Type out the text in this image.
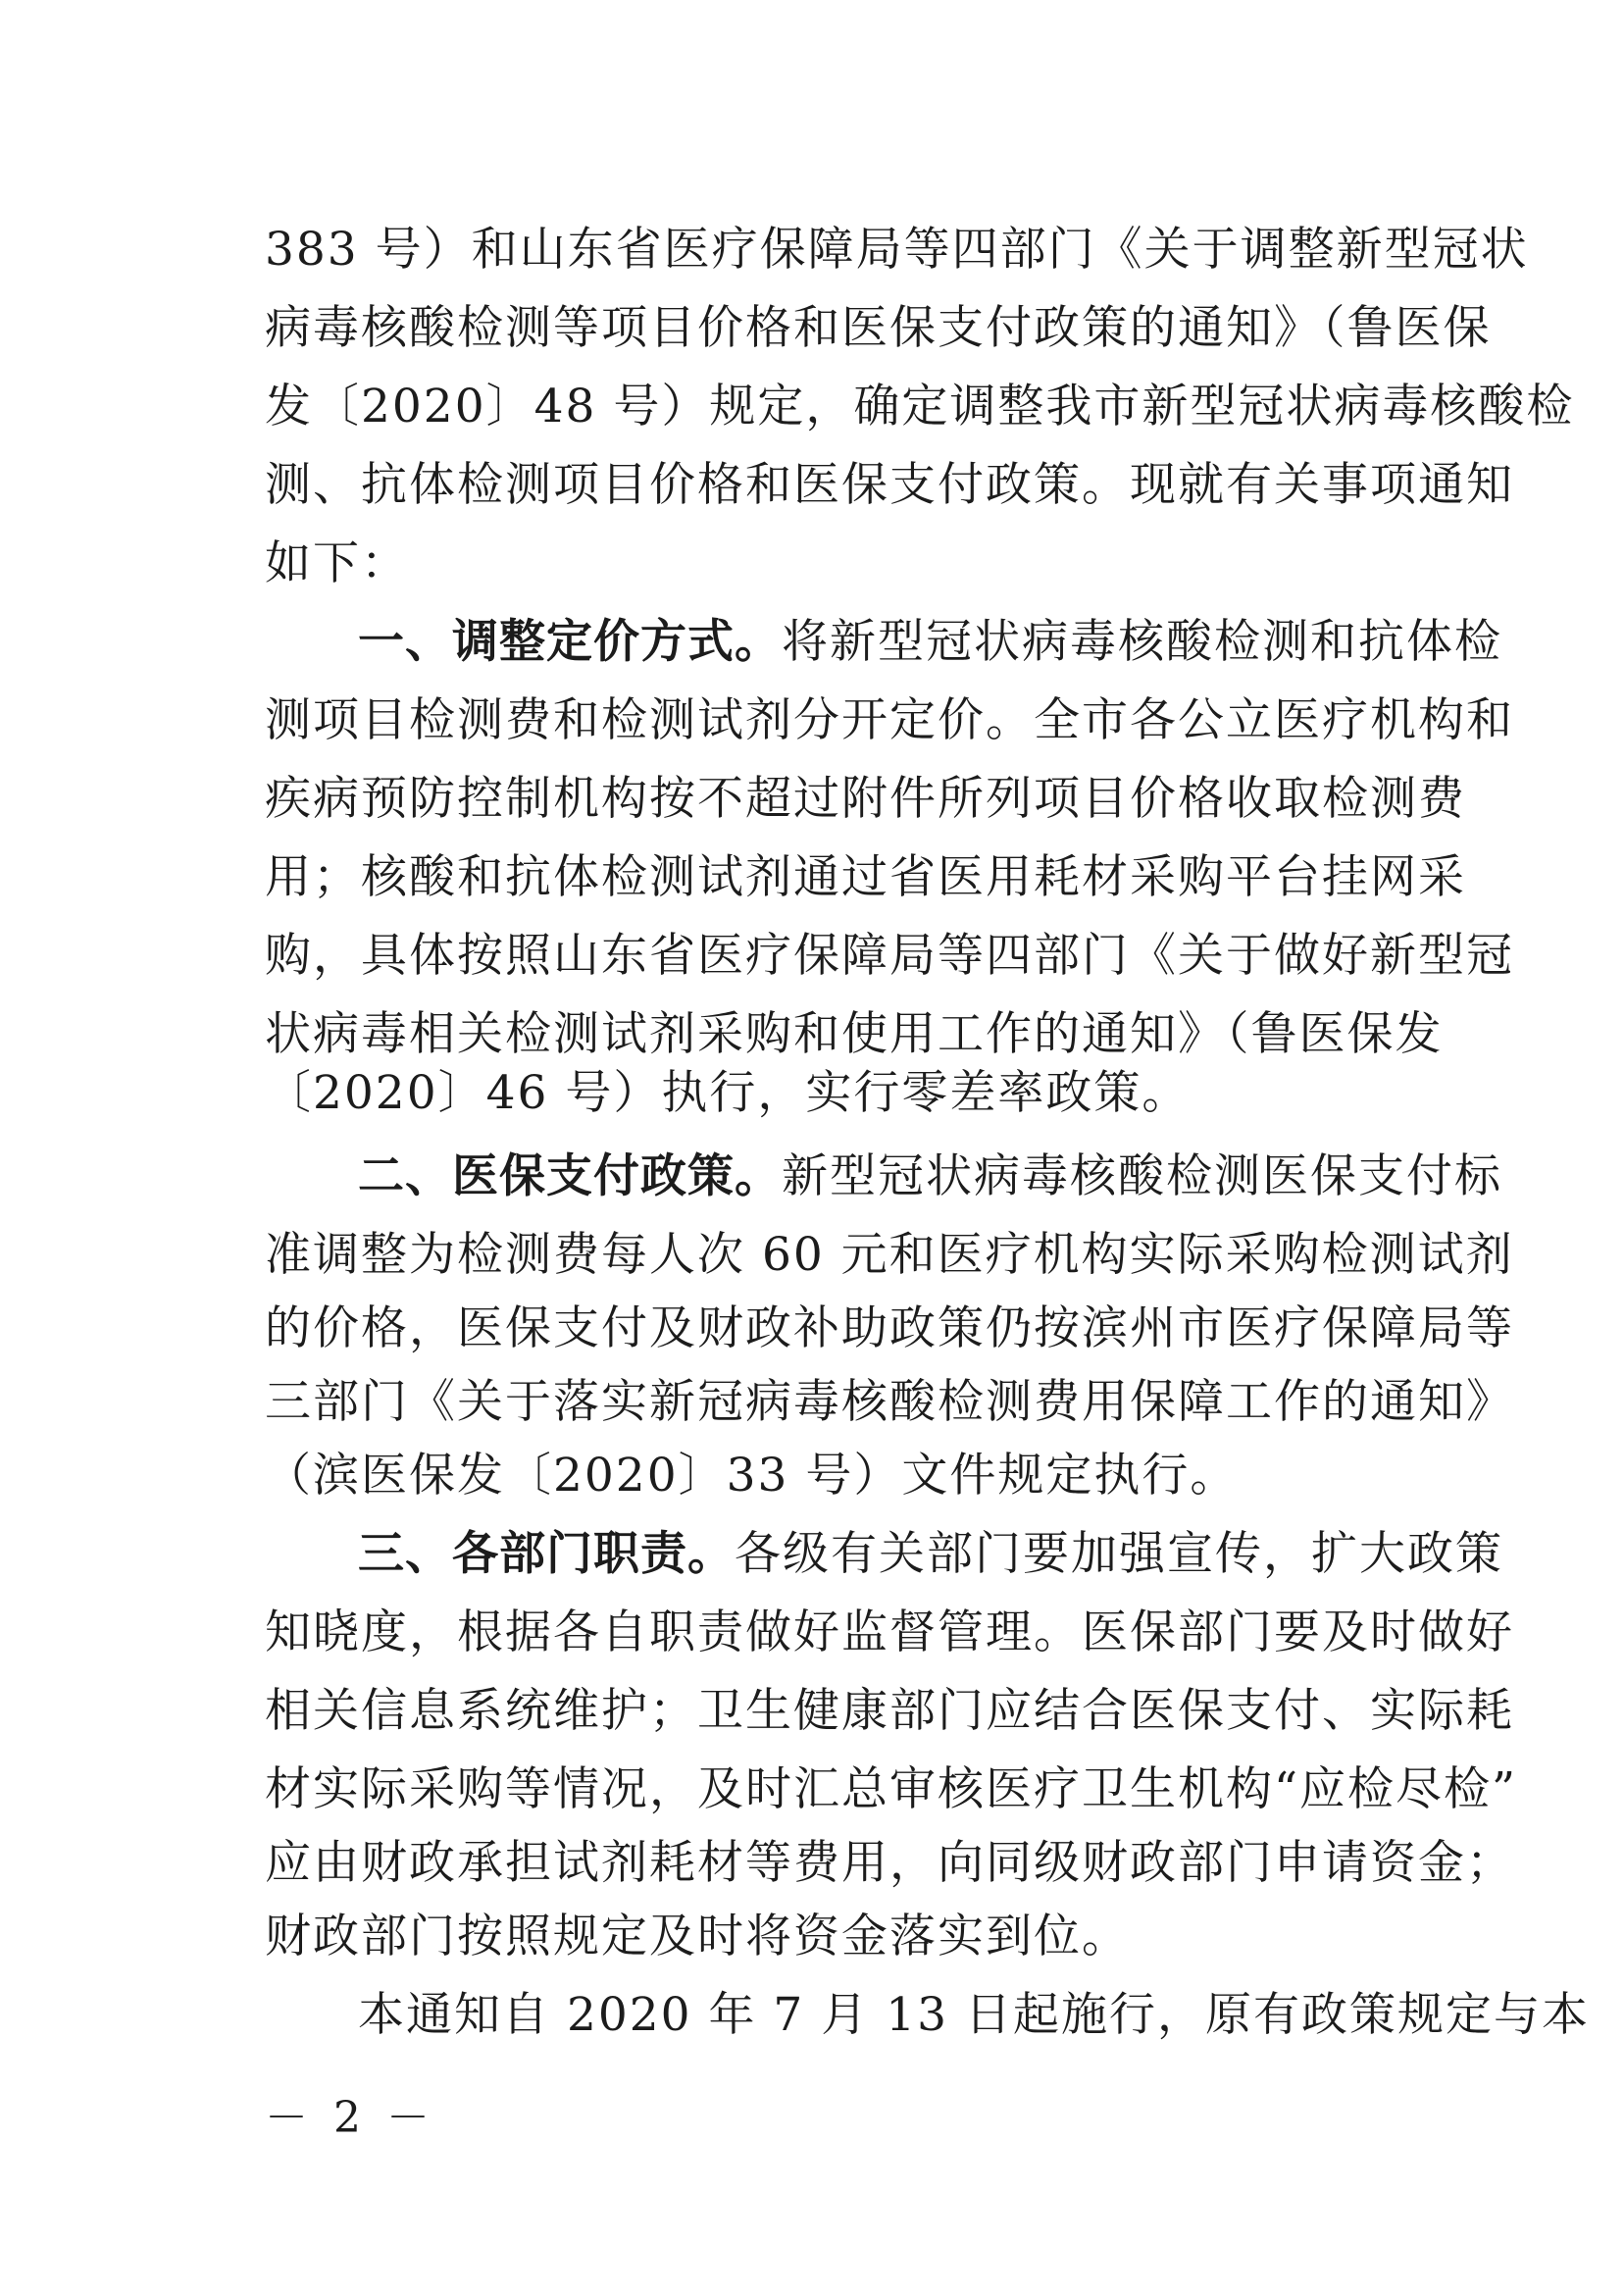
383 号）和山东省医疗保障局等四部门《关于调整新型冠状
病毒核酸检测等项目价格和医保支付政策的通知》（鲁医保
发〔2020〕48 号）规定，确定调整我市新型冠状病毒核酸检
测、抗体检测项目价格和医保支付政策。现就有关事项通知
如下：
一、调整定价方式。将新型冠状病毒核酸检测和抗体检
测项目检测费和检测试剂分开定价。全市各公立医疗机构和
疾病预防控制机构按不超过附件所列项目价格收取检测费
用；核酸和抗体检测试剂通过省医用耗材采购平台挂网采
购，具体按照山东省医疗保障局等四部门《关于做好新型冠
状病毒相关检测试剂采购和使用工作的通知》（鲁医保发
〔2020〕46 号）执行，实行零差率政策。
二、医保支付政策。新型冠状病毒核酸检测医保支付标
准调整为检测费每人次 60 元和医疗机构实际采购检测试剂
的价格，医保支付及财政补助政策仍按滨州市医疗保障局等
三部门《关于落实新冠病毒核酸检测费用保障工作的通知》
（滨医保发〔2020〕33 号）文件规定执行。
三、各部门职责。各级有关部门要加强宣传，扩大政策
知晓度，根据各自职责做好监督管理。医保部门要及时做好
相关信息系统维护；卫生健康部门应结合医保支付、实际耗
材实际采购等情况，及时汇总审核医疗卫生机构“应检尽检”
应由财政承担试剂耗材等费用，向同级财政部门申请资金；
财政部门按照规定及时将资金落实到位。
本通知自 2020 年 7 月 13 日起施行，原有政策规定与本
－ 2 －
